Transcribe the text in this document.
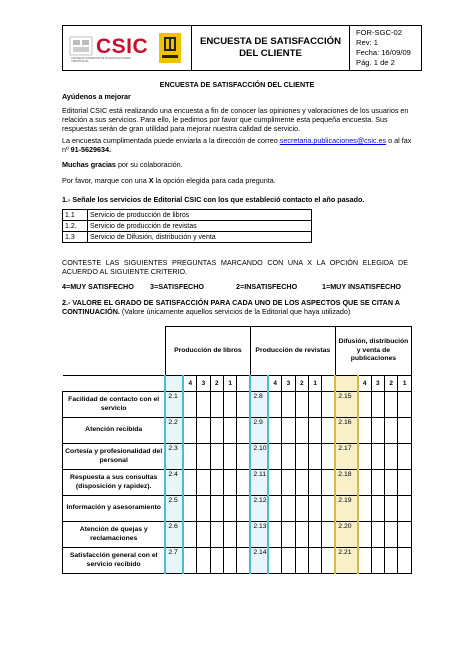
CSIC
CONSEJO SUPERIOR DE INVESTIGACIONES CIENTÍFICAS
ENCUESTA DE SATISFACCIÓN
DEL CLIENTE
FOR-SGC-02
Rev: 1
Fecha: 16/09/09
Pág. 1 de 2
ENCUESTA DE SATISFACCIÓN DEL CLIENTE
Ayúdenos a mejorar
Editorial CSIC está realizando una encuesta a fin de conocer las opiniones y valoraciones de los usuarios en relación a sus servicios. Para ello, le pedimos por favor que cumplimente esta pequeña encuesta. Sus respuestas serán de gran utilidad para mejorar nuestra calidad de servicio.
La encuesta cumplimentada puede enviarla a la dirección de correo secretaria.publicaciones@csic.es o al fax nº 91-5629634.
Muchas gracias por su colaboración.
Por favor, marque con una X la opción elegida para cada pregunta.
1.- Señale los servicios de Editorial CSIC con los que estableció contacto el año pasado.
1.1	Servicio de producción de libros
1.2.	Servicio de producción de revistas
1.3	Servicio de Difusión, distribución y venta
CONTESTE LAS SIGUIENTES PREGUNTAS MARCANDO CON UNA X LA OPCIÓN ELEGIDA DE ACUERDO AL SIGUIENTE CRITERIO.
4=MUY SATISFECHO 3=SATISFECHO	2=INSATISFECHO	1=MUY INSATISFECHO
2.- VALORE EL GRADO DE SATISFACCIÓN PARA CADA UNO DE LOS ASPECTOS QUE SE CITAN A CONTINUACIÓN. (Valore únicamente aquellos servicios de la Editorial que haya utilizado)
	Producción de libros						Producción de revistas						Difusión, distribución y venta de publicaciones				
		4	3	2	1			4	3	2	1			4	3	2	1
Facilidad de contacto con el servicio	2.1						2.8						2.15				
Atención recibida	2.2						2.9						2.16				
Cortesía y profesionalidad del personal	2.3						2.10						2.17				
Respuesta a sus consultas (disposición y rapidez).	2.4						2.11						2.18				
Información y asesoramiento	2.5						2.12						2.19				
Atención de quejas y reclamaciones	2.6						2.13						2.20				
Satisfacción general con el servicio recibido	2.7						2.14						2.21				
